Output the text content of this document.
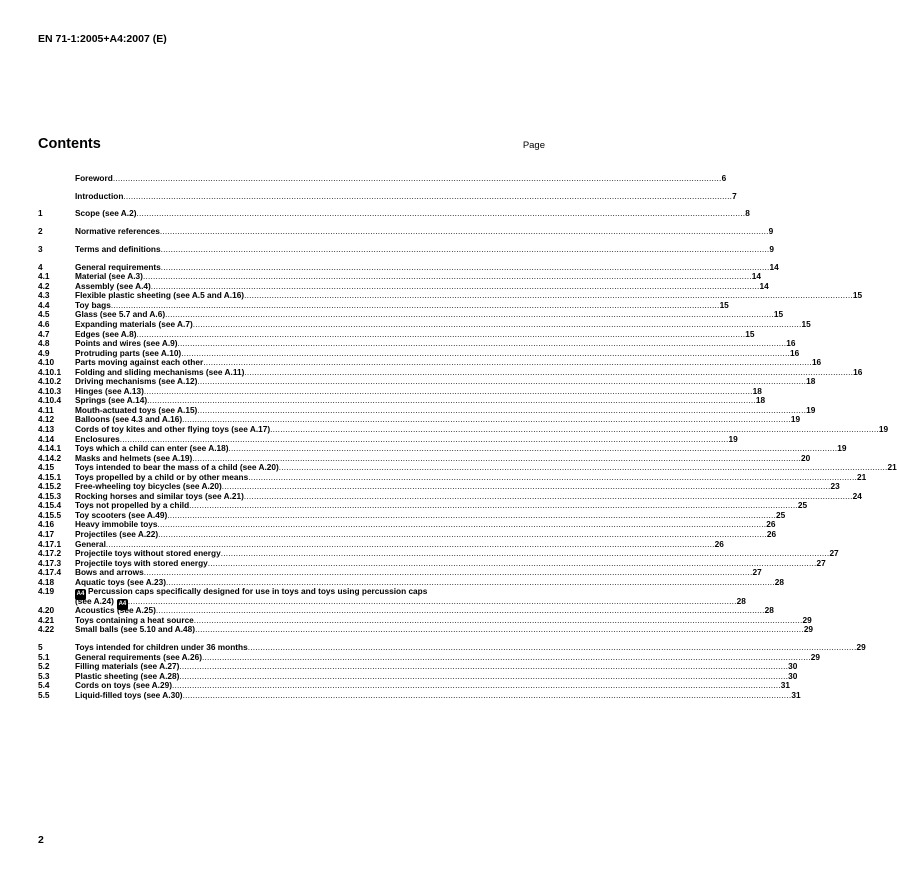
EN 71-1:2005+A4:2007 (E)
Contents	Page
Foreword .....	6
Introduction .....	7
1	Scope (see A.2) .....	8
2	Normative references .....	9
3	Terms and definitions .....	9
4	General requirements .....	14
4.1	Material (see A.3) .....	14
4.2	Assembly (see A.4) .....	14
4.3	Flexible plastic sheeting (see A.5 and A.16) .....	15
4.4	Toy bags .....	15
4.5	Glass (see 5.7 and A.6) .....	15
4.6	Expanding materials (see A.7) .....	15
4.7	Edges (see A.8) .....	15
4.8	Points and wires (see A.9) .....	16
4.9	Protruding parts (see A.10) .....	16
4.10	Parts moving against each other .....	16
4.10.1	Folding and sliding mechanisms (see A.11) .....	16
4.10.2	Driving mechanisms (see A.12) .....	18
4.10.3	Hinges (see A.13) .....	18
4.10.4	Springs (see A.14) .....	18
4.11	Mouth-actuated toys (see A.15) .....	19
4.12	Balloons (see 4.3 and A.16) .....	19
4.13	Cords of toy kites and other flying toys (see A.17) .....	19
4.14	Enclosures .....	19
4.14.1	Toys which a child can enter (see A.18) .....	19
4.14.2	Masks and helmets (see A.19) .....	20
4.15	Toys intended to bear the mass of a child (see A.20) .....	21
4.15.1	Toys propelled by a child or by other means .....	21
4.15.2	Free-wheeling toy bicycles (see A.20) .....	23
4.15.3	Rocking horses and similar toys (see A.21) .....	24
4.15.4	Toys not propelled by a child .....	25
4.15.5	Toy scooters (see A.49) .....	25
4.16	Heavy immobile toys .....	26
4.17	Projectiles (see A.22) .....	26
4.17.1	General .....	26
4.17.2	Projectile toys without stored energy .....	27
4.17.3	Projectile toys with stored energy .....	27
4.17.4	Bows and arrows .....	27
4.18	Aquatic toys (see A.23) .....	28
4.19	A4 Percussion caps specifically designed for use in toys and toys using percussion caps
(see A.24) A4 .....	28
4.20	Acoustics (see A.25) .....	28
4.21	Toys containing a heat source .....	29
4.22	Small balls (see 5.10 and A.48) .....	29
5	Toys intended for children under 36 months .....	29
5.1	General requirements (see A.26) .....	29
5.2	Filling materials (see A.27) .....	30
5.3	Plastic sheeting (see A.28) .....	30
5.4	Cords on toys (see A.29) .....	31
5.5	Liquid-filled toys (see A.30) .....	31
2
